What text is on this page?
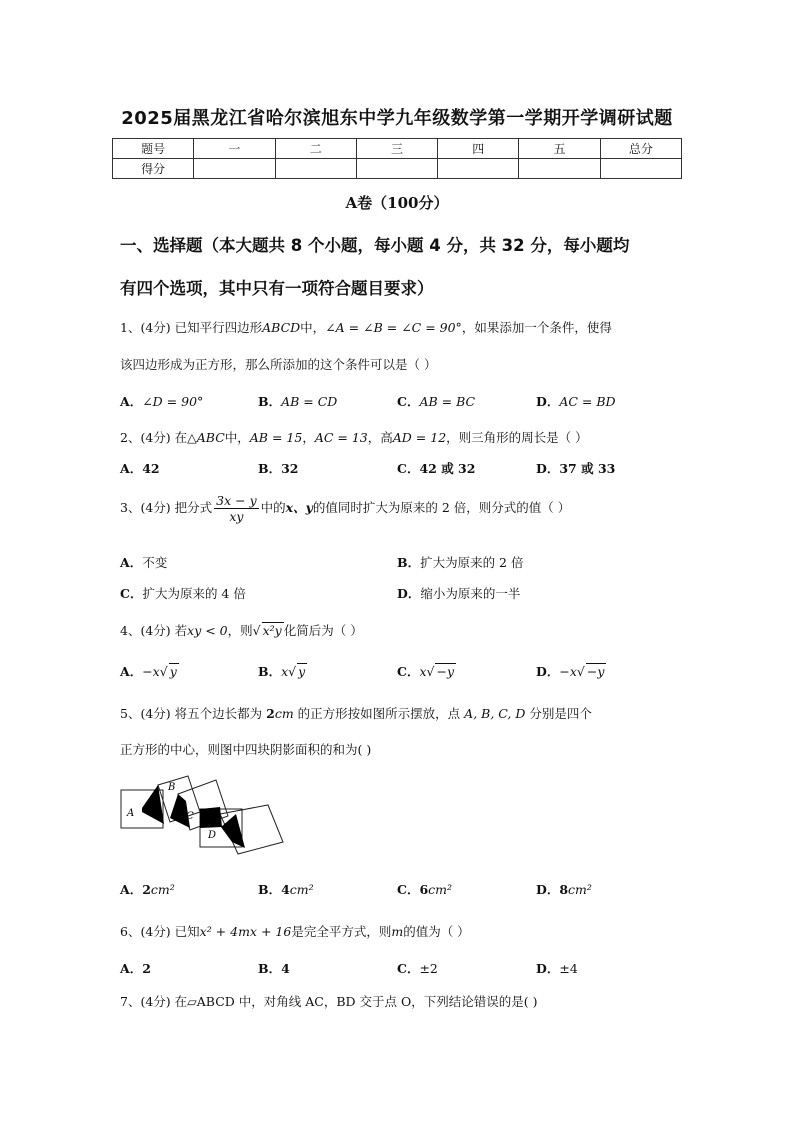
2025届黑龙江省哈尔滨旭东中学九年级数学第一学期开学调研试题
题号	一	二	三	四	五	总分
得分						
A卷（100分）
一、选择题（本大题共 8 个小题，每小题 4 分，共 32 分，每小题均
有四个选项，其中只有一项符合题目要求）
1、(4分) 已知平行四边形ABCD中，∠A = ∠B = ∠C = 90°，如果添加一个条件，使得
该四边形成为正方形，那么所添加的这个条件可以是（ ）
A．∠D = 90°	B．AB = CD	C．AB = BC	D．AC = BD
2、(4分) 在△ABC中，AB = 15，AC = 13，高AD = 12，则三角形的周长是（ ）
A．42	B．32	C．42 或 32	D．37 或 33
3、(4分) 把分式 $\frac{3x - y}{xy}$ 中的x、y的值同时扩大为原来的 2 倍，则分式的值（ ）
A．不变	B．扩大为原来的 2 倍
C．扩大为原来的 4 倍	D．缩小为原来的一半
4、(4分) 若xy < 0，则√ x²y 化简后为（ ）
A．−x√ y	B．x√ y	C．x√ −y	D．−x√ −y
5、(4分) 将五个边长都为 2cm 的正方形按如图所示摆放，点 A, B, C, D 分别是四个
正方形的中心，则图中四块阴影面积的和为( )
A
B
C
D
A．2cm²	B．4cm²	C．6cm²	D．8cm²
6、(4分) 已知x² + 4mx + 16是完全平方式，则m的值为（ ）
A．2	B．4	C．±2	D．±4
7、(4分) 在▱ABCD 中，对角线 AC，BD 交于点 O，下列结论错误的是( )
